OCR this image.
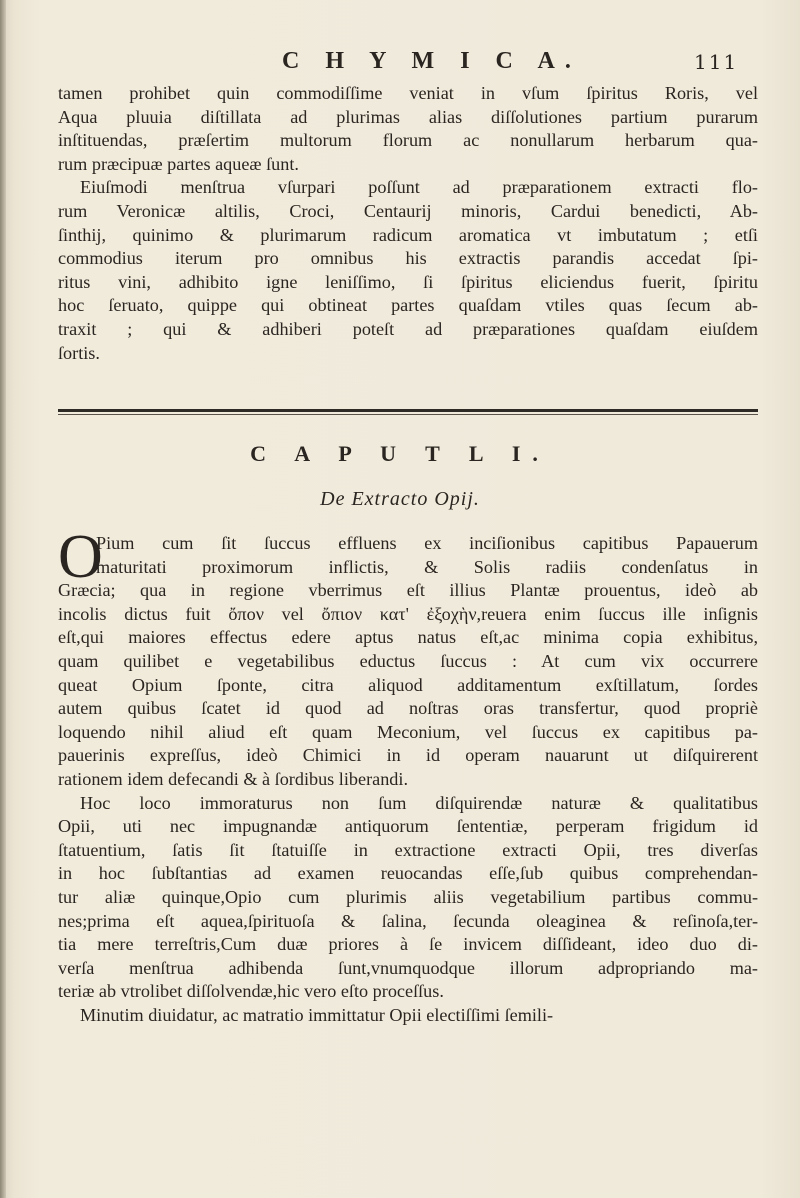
C H Y M I C A.	111
tamen prohibet quin commodiſſime veniat in vſum ſpiritus Roris, vel
Aqua pluuia diſtillata ad plurimas alias diſſolutiones partium purarum
inſtituendas, præſertim multorum florum ac nonullarum herbarum qua-
rum præcipuæ partes aqueæ ſunt.
Eiuſmodi menſtrua vſurpari poſſunt ad præparationem extracti flo-
rum Veronicæ altilis, Croci, Centaurij minoris, Cardui benedicti, Ab-
ſinthij, quinimo & plurimarum radicum aromatica vt imbutatum ; etſi
commodius iterum pro omnibus his extractis parandis accedat ſpi-
ritus vini, adhibito igne leniſſimo, ſi ſpiritus eliciendus fuerit, ſpiritu
hoc ſeruato, quippe qui obtineat partes quaſdam vtiles quas ſecum ab-
traxit ; qui & adhiberi poteſt ad præparationes quaſdam eiuſdem
ſortis.
C A P U T L I.
De Extracto Opij.
O
Pium cum ſit ſuccus effluens ex inciſionibus capitibus Papauerum
maturitati proximorum inflictis, & Solis radiis condenſatus in
Græcia; qua in regione vberrimus eſt illius Plantæ prouentus, ideò ab
incolis dictus fuit ὄπον vel ὄπιον κατ' ἐξοχὴν,reuera enim ſuccus ille inſignis
eſt,qui maiores effectus edere aptus natus eſt,ac minima copia exhibitus,
quam quilibet e vegetabilibus eductus ſuccus : At cum vix occurrere
queat Opium ſponte, citra aliquod additamentum exſtillatum, ſordes
autem quibus ſcatet id quod ad noſtras oras transfertur, quod propriè
loquendo nihil aliud eſt quam Meconium, vel ſuccus ex capitibus pa-
pauerinis expreſſus, ideò Chimici in id operam nauarunt ut diſquirerent
rationem idem defecandi & à ſordibus liberandi.
Hoc loco immoraturus non ſum diſquirendæ naturæ & qualitatibus
Opii, uti nec impugnandæ antiquorum ſententiæ, perperam frigidum id
ſtatuentium, ſatis ſit ſtatuiſſe in extractione extracti Opii, tres diverſas
in hoc ſubſtantias ad examen reuocandas eſſe,ſub quibus comprehendan-
tur aliæ quinque,Opio cum plurimis aliis vegetabilium partibus commu-
nes;prima eſt aquea,ſpirituoſa & ſalina, ſecunda oleaginea & reſinoſa,ter-
tia mere terreſtris,Cum duæ priores à ſe invicem diſſideant, ideo duo di-
verſa menſtrua adhibenda ſunt,vnumquodque illorum adpropriando ma-
teriæ ab vtrolibet diſſolvendæ,hic vero eſto proceſſus.
Minutim diuidatur, ac matratio immittatur Opii electiſſimi ſemili-
